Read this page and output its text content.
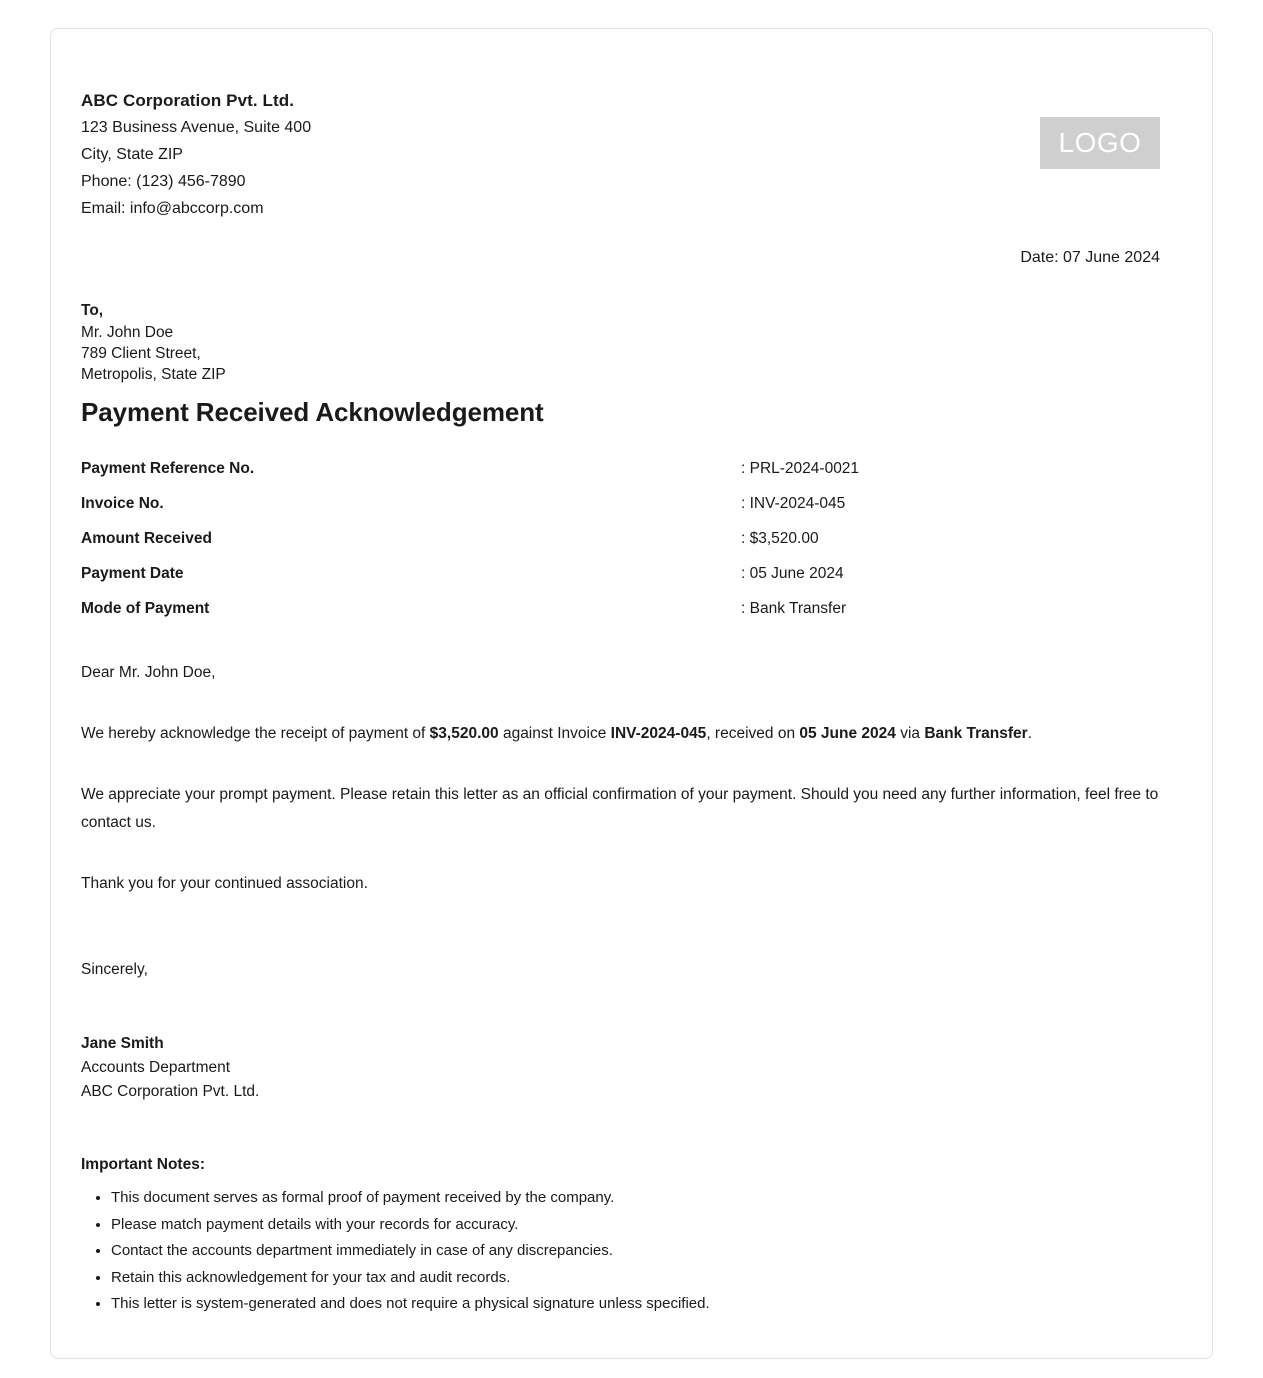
ABC Corporation Pvt. Ltd.
123 Business Avenue, Suite 400
City, State ZIP
Phone: (123) 456-7890
Email: info@abccorp.com
LOGO
Date: 07 June 2024
To,
Mr. John Doe
789 Client Street,
Metropolis, State ZIP
Payment Received Acknowledgement
Payment Reference No.	: PRL-2024-0021
Invoice No.	: INV-2024-045
Amount Received	: $3,520.00
Payment Date	: 05 June 2024
Mode of Payment	: Bank Transfer

Dear Mr. John Doe,

We hereby acknowledge the receipt of payment of $3,520.00 against Invoice INV-2024-045, received on 05 June 2024 via Bank Transfer.

We appreciate your prompt payment. Please retain this letter as an official confirmation of your payment. Should you need any further information, feel free to contact us.

Thank you for your continued association.

Sincerely,
Jane Smith
Accounts Department
ABC Corporation Pvt. Ltd.
Important Notes:
• This document serves as formal proof of payment received by the company.
• Please match payment details with your records for accuracy.
• Contact the accounts department immediately in case of any discrepancies.
• Retain this acknowledgement for your tax and audit records.
• This letter is system-generated and does not require a physical signature unless specified.
